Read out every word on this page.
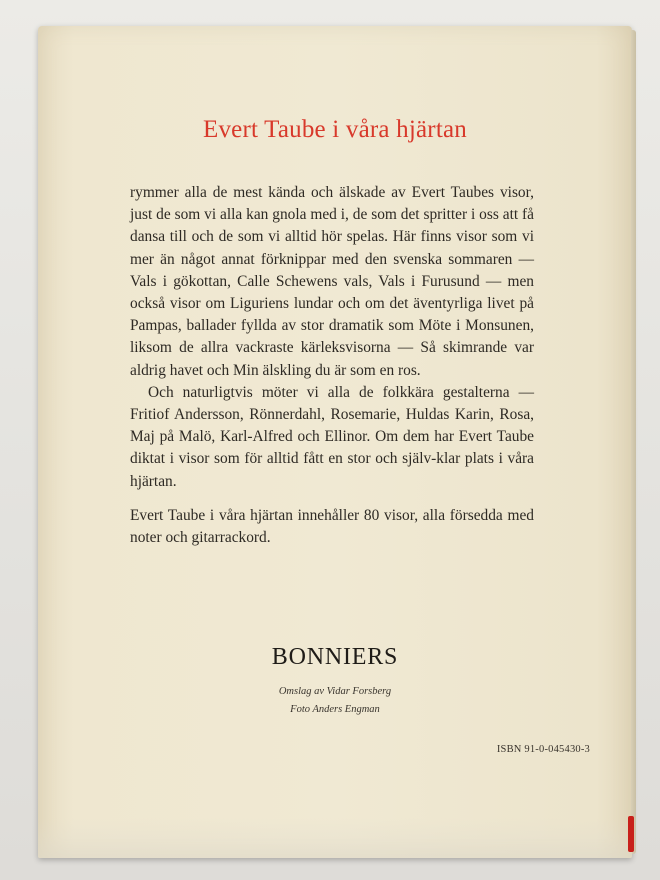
Evert Taube i våra hjärtan

rymmer alla de mest kända och älskade av Evert Taubes visor, just de som vi alla kan gnola med i, de som det spritter i oss att få dansa till och de som vi alltid hör spelas. Här finns visor som vi mer än något annat förknippar med den svenska sommaren — Vals i gökottan, Calle Schewens vals, Vals i Furusund — men också visor om Liguriens lundar och om det äventyrliga livet på Pampas, ballader fyllda av stor dramatik som Möte i Monsunen, liksom de allra vackraste kärleksvisorna — Så skimrande var aldrig havet och Min älskling du är som en ros.

Och naturligtvis möter vi alla de folkkära gestalterna — Fritiof Andersson, Rönnerdahl, Rosemarie, Huldas Karin, Rosa, Maj på Malö, Karl-Alfred och Ellinor. Om dem har Evert Taube diktat i visor som för alltid fått en stor och själv-klar plats i våra hjärtan.

Evert Taube i våra hjärtan innehåller 80 visor, alla försedda med noter och gitarrackord.

BONNIERS
Omslag av Vidar Forsberg
Foto Anders Engman
ISBN 91-0-045430-3
